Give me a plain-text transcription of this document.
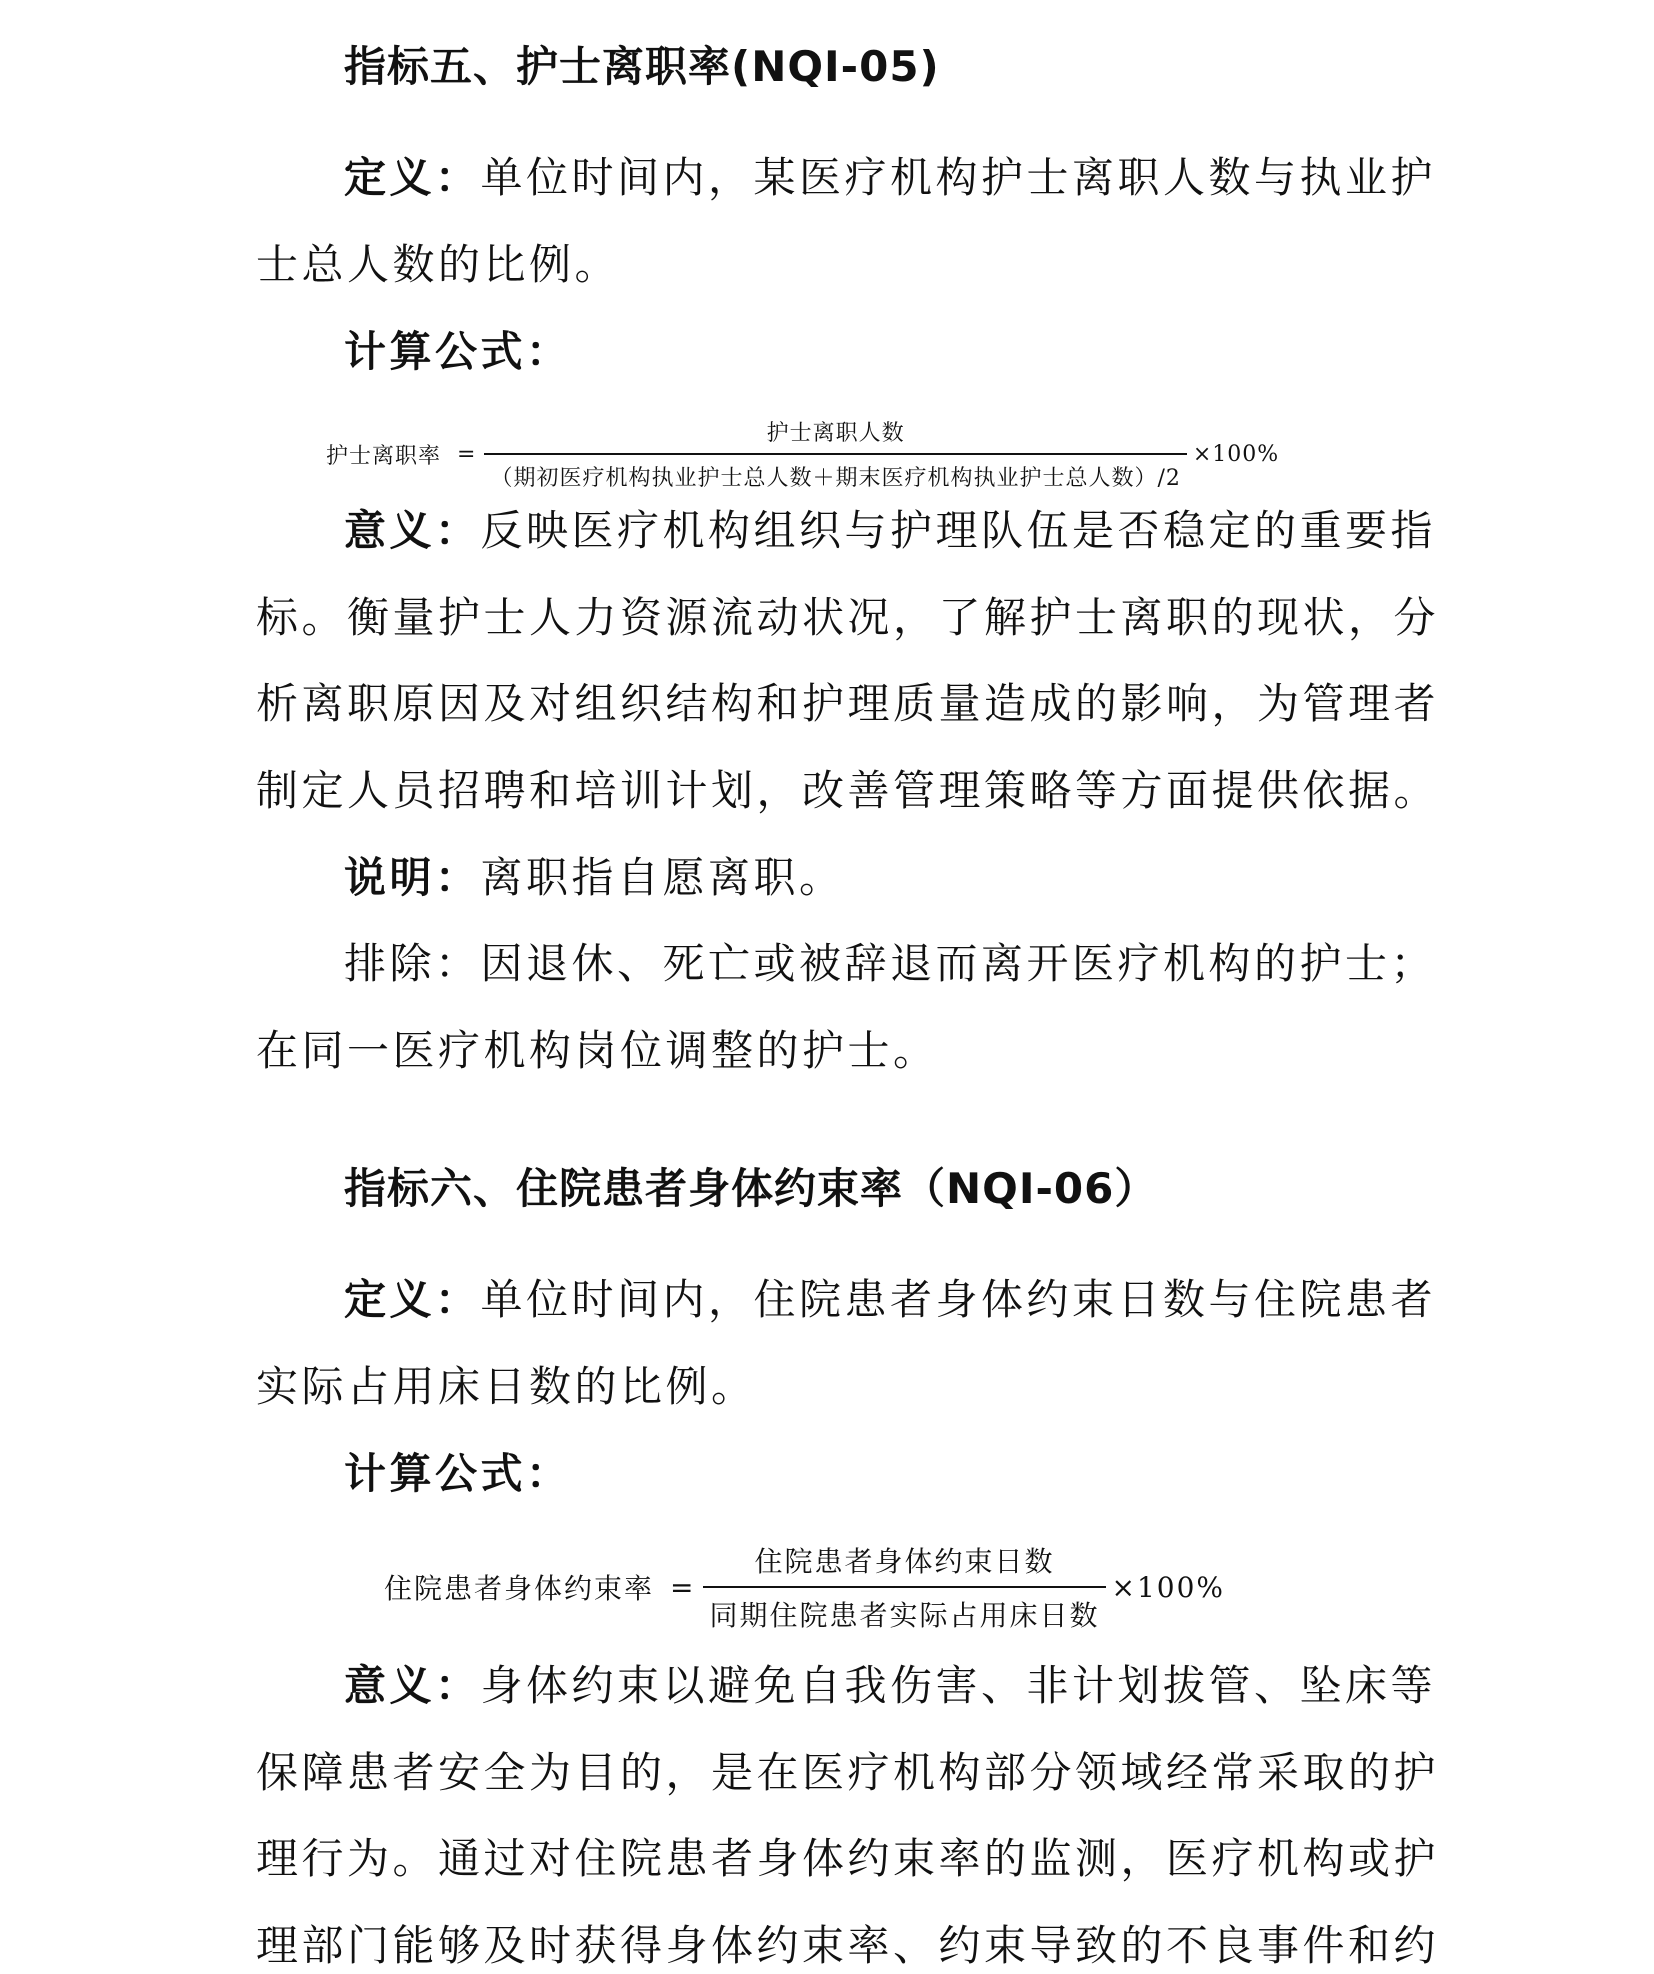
指标五、护士离职率(NQI-05)
定义：单位时间内，某医疗机构护士离职人数与执业护
士总人数的比例。
计算公式：
护士离职率 = $\frac{\text{护士离职人数}}{\text{（期初医疗机构执业护士总人数＋期末医疗机构执业护士总人数）/2}} \times 100\%$
意义：反映医疗机构组织与护理队伍是否稳定的重要指
标。衡量护士人力资源流动状况，了解护士离职的现状，分
析离职原因及对组织结构和护理质量造成的影响，为管理者
制定人员招聘和培训计划，改善管理策略等方面提供依据。
说明：离职指自愿离职。
排除：因退休、死亡或被辞退而离开医疗机构的护士；
在同一医疗机构岗位调整的护士。
指标六、住院患者身体约束率（NQI-06）
定义：单位时间内，住院患者身体约束日数与住院患者
实际占用床日数的比例。
计算公式：
住院患者身体约束率 = $\frac{\text{住院患者身体约束日数}}{\text{同期住院患者实际占用床日数}} \times 100\%$
意义：身体约束以避免自我伤害、非计划拔管、坠床等
保障患者安全为目的，是在医疗机构部分领域经常采取的护
理行为。通过对住院患者身体约束率的监测，医疗机构或护
理部门能够及时获得身体约束率、约束导致的不良事件和约
